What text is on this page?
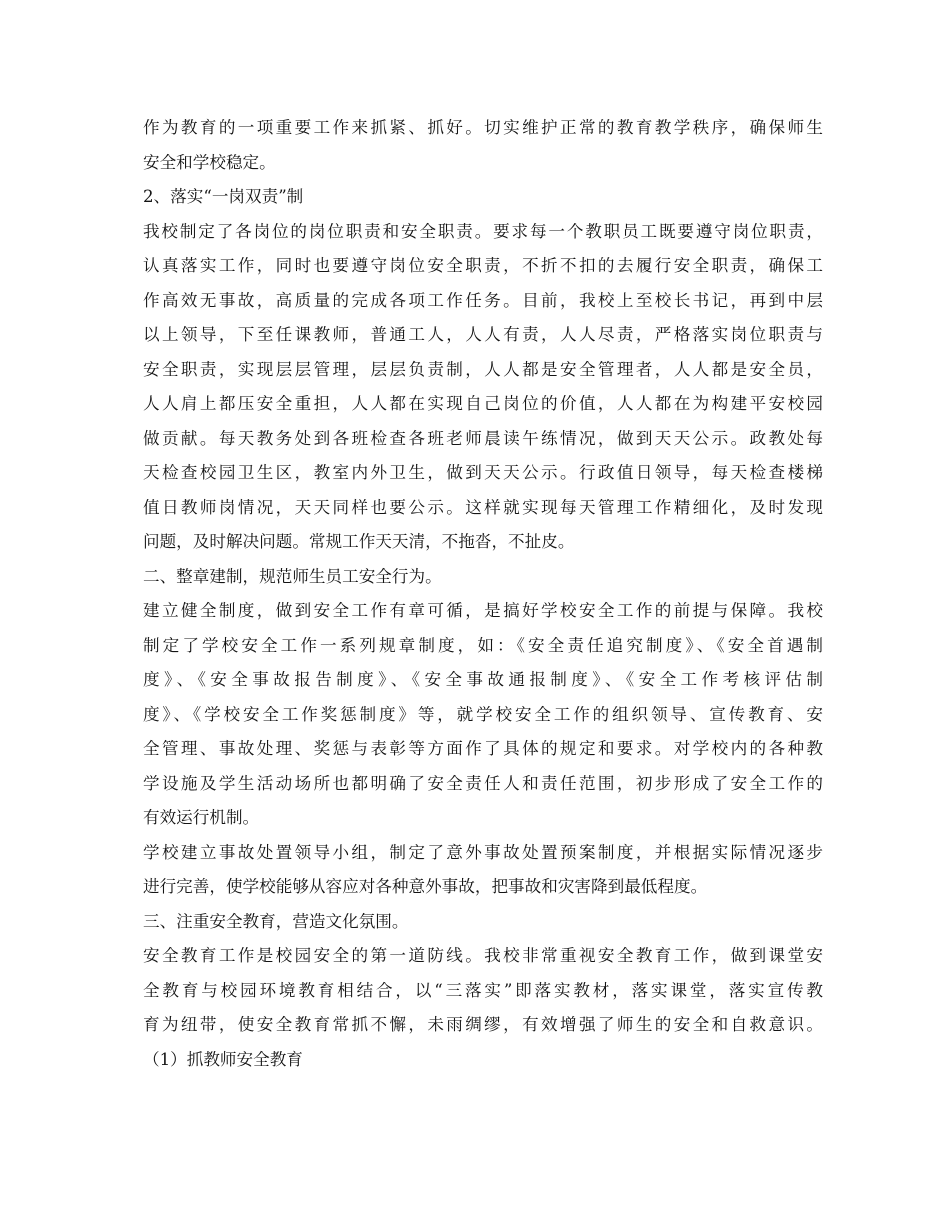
作为教育的一项重要工作来抓紧、抓好。切实维护正常的教育教学秩序，确保师生
安全和学校稳定。
2、落实“一岗双责”制
我校制定了各岗位的岗位职责和安全职责。要求每一个教职员工既要遵守岗位职责，
认真落实工作，同时也要遵守岗位安全职责，不折不扣的去履行安全职责，确保工
作高效无事故，高质量的完成各项工作任务。目前，我校上至校长书记，再到中层
以上领导，下至任课教师，普通工人，人人有责，人人尽责，严格落实岗位职责与
安全职责，实现层层管理，层层负责制，人人都是安全管理者，人人都是安全员，
人人肩上都压安全重担，人人都在实现自己岗位的价值，人人都在为构建平安校园
做贡献。每天教务处到各班检查各班老师晨读午练情况，做到天天公示。政教处每
天检查校园卫生区，教室内外卫生，做到天天公示。行政值日领导，每天检查楼梯
值日教师岗情况，天天同样也要公示。这样就实现每天管理工作精细化，及时发现
问题，及时解决问题。常规工作天天清，不拖沓，不扯皮。
二、整章建制，规范师生员工安全行为。
建立健全制度，做到安全工作有章可循，是搞好学校安全工作的前提与保障。我校
制定了学校安全工作一系列规章制度，如：《安全责任追究制度》、《安全首遇制
度》、《安全事故报告制度》、《安全事故通报制度》、《安全工作考核评估制
度》、《学校安全工作奖惩制度》等，就学校安全工作的组织领导、宣传教育、安
全管理、事故处理、奖惩与表彰等方面作了具体的规定和要求。对学校内的各种教
学设施及学生活动场所也都明确了安全责任人和责任范围，初步形成了安全工作的
有效运行机制。
学校建立事故处置领导小组，制定了意外事故处置预案制度，并根据实际情况逐步
进行完善，使学校能够从容应对各种意外事故，把事故和灾害降到最低程度。
三、注重安全教育，营造文化氛围。
安全教育工作是校园安全的第一道防线。我校非常重视安全教育工作，做到课堂安
全教育与校园环境教育相结合，以“三落实”即落实教材，落实课堂，落实宣传教
育为纽带，使安全教育常抓不懈，未雨绸缪，有效增强了师生的安全和自救意识。
（1）抓教师安全教育
